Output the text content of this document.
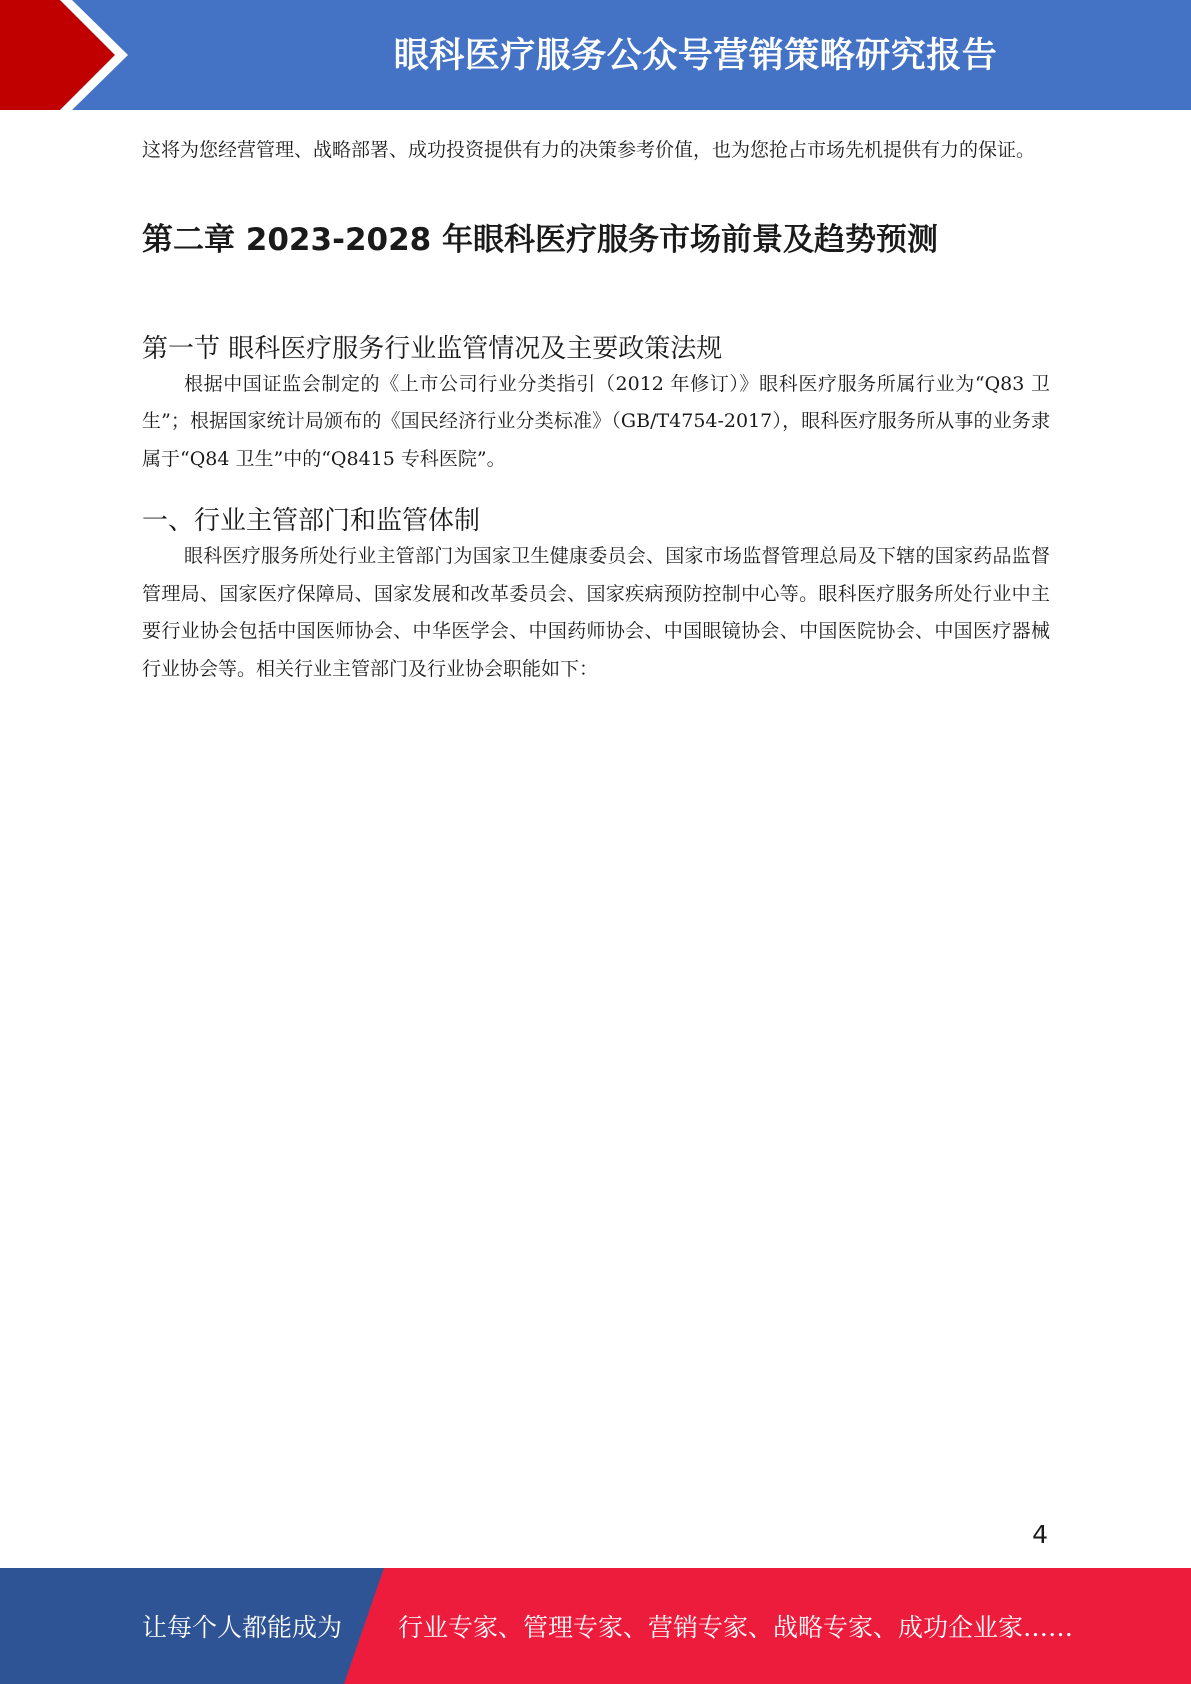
眼科医疗服务公众号营销策略研究报告

这将为您经营管理、战略部署、成功投资提供有力的决策参考价值，也为您抢占市场先机提供有力的保证。

第二章 2023-2028 年眼科医疗服务市场前景及趋势预测
第一节 眼科医疗服务行业监管情况及主要政策法规

根据中国证监会制定的《上市公司行业分类指引（2012 年修订）》眼科医疗服务所属行业为“Q83 卫生”；根据国家统计局颁布的《国民经济行业分类标准》（GB/T4754-2017），眼科医疗服务所从事的业务隶属于“Q84 卫生”中的“Q8415 专科医院”。

一、行业主管部门和监管体制

眼科医疗服务所处行业主管部门为国家卫生健康委员会、国家市场监督管理总局及下辖的国家药品监督管理局、国家医疗保障局、国家发展和改革委员会、国家疾病预防控制中心等。眼科医疗服务所处行业中主要行业协会包括中国医师协会、中华医学会、中国药师协会、中国眼镜协会、中国医院协会、中国医疗器械行业协会等。相关行业主管部门及行业协会职能如下：

4
让每个人都能成为 行业专家、管理专家、营销专家、战略专家、成功企业家……
